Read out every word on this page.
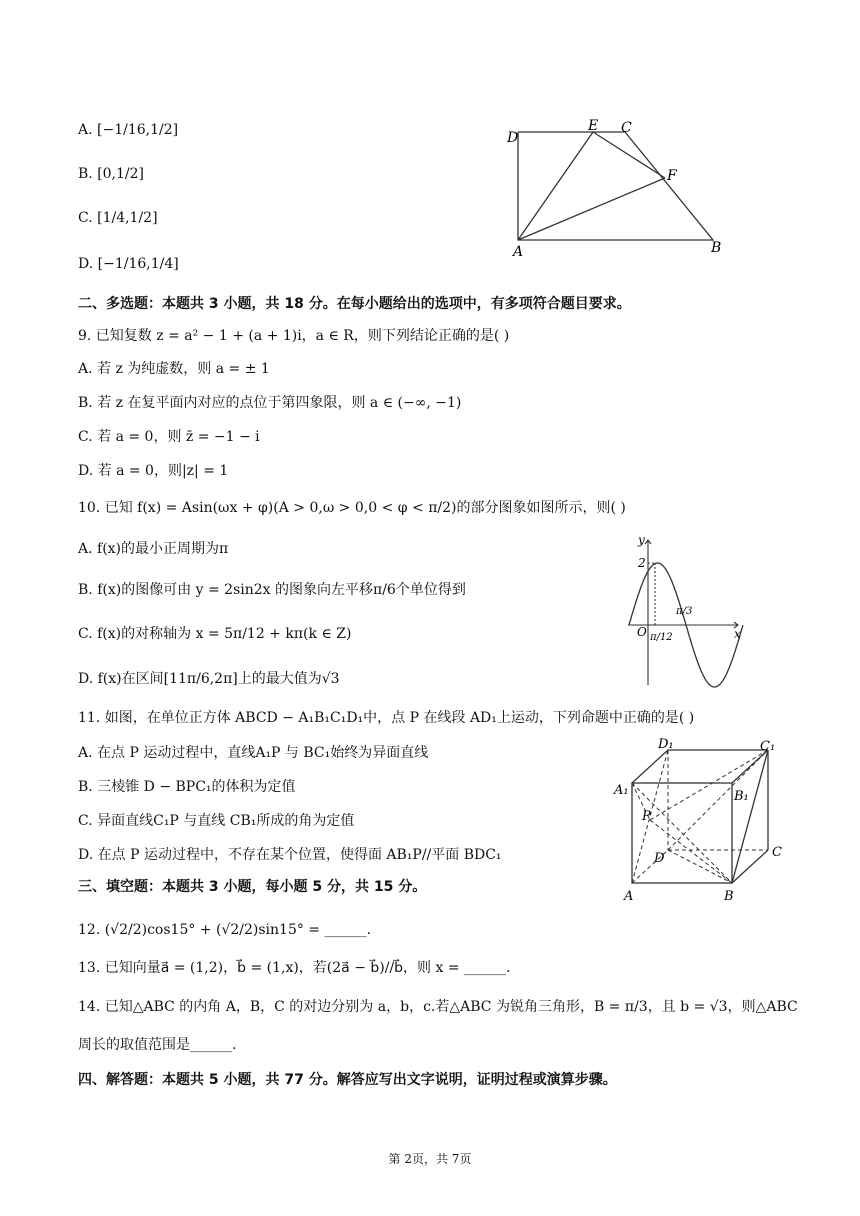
A. [−1/16,1/2]
B. [0,1/2]
C. [1/4,1/2]
D. [−1/16,1/4]
D
E C
F
A	B
二、多选题：本题共 3 小题，共 18 分。在每小题给出的选项中，有多项符合题目要求。
9. 已知复数 z = a² − 1 + (a + 1)i，a ∈ R，则下列结论正确的是( )
A. 若 z 为纯虚数，则 a = ± 1
B. 若 z 在复平面内对应的点位于第四象限，则 a ∈ (−∞, −1)
C. 若 a = 0，则 z̄ = −1 − i
D. 若 a = 0，则|z| = 1
10. 已知 f(x) = Asin(ωx + φ)(A > 0,ω > 0,0 < φ < π/2)的部分图象如图所示，则( )
A. f(x)的最小正周期为π
B. f(x)的图像可由 y = 2sin2x 的图象向左平移π/6个单位得到
C. f(x)的对称轴为 x = 5π/12 + kπ(k ∈ Z)
D. f(x)在区间[11π/6,2π]上的最大值为√3
y
2
O π/12
π/3
x
11. 如图，在单位正方体 ABCD − A₁B₁C₁D₁中，点 P 在线段 AD₁上运动，下列命题中正确的是( )
A. 在点 P 运动过程中，直线A₁P 与 BC₁始终为异面直线
B. 三棱锥 D − BPC₁的体积为定值
C. 异面直线C₁P 与直线 CB₁所成的角为定值
D. 在点 P 运动过程中，不存在某个位置，使得面 AB₁P//平面 BDC₁
D₁	C₁
A₁	B₁
P
D	C
A	B
三、填空题：本题共 3 小题，每小题 5 分，共 15 分。
12. (√2/2)cos15° + (√2/2)sin15° = ______.
13. 已知向量a⃗ = (1,2)，b⃗ = (1,x)，若(2a⃗ − b⃗)//b⃗，则 x = ______.
14. 已知△ABC 的内角 A，B，C 的对边分别为 a，b，c.若△ABC 为锐角三角形，B = π/3，且 b = √3，则△ABC
周长的取值范围是______.
四、解答题：本题共 5 小题，共 77 分。解答应写出文字说明，证明过程或演算步骤。
第 2页，共 7页
